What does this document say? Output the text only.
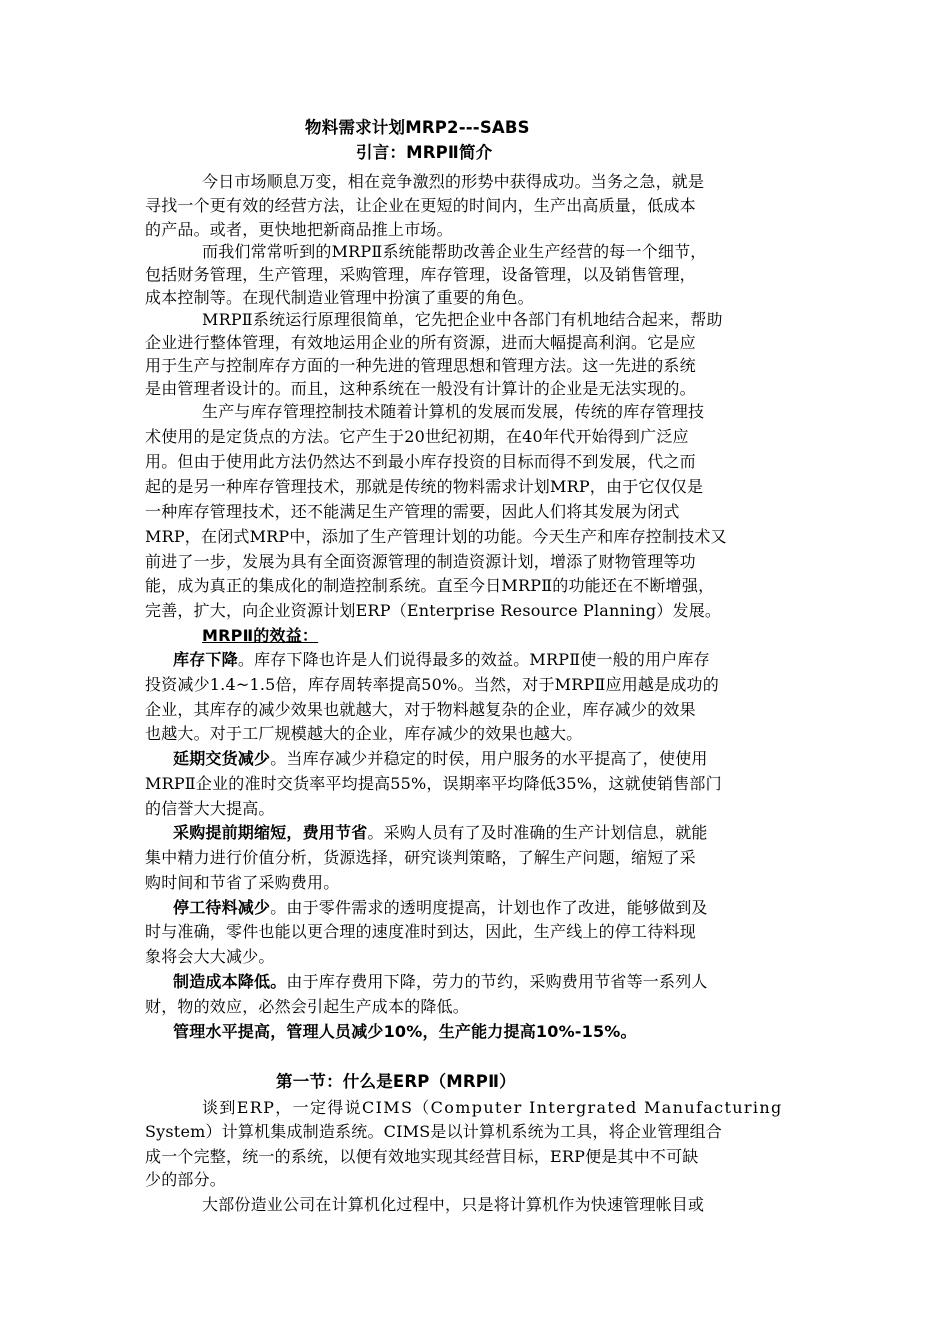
物料需求计划MRP2---SABS
引言：MRPⅡ简介
今日市场顺息万变，相在竞争激烈的形势中获得成功。当务之急，就是
寻找一个更有效的经营方法，让企业在更短的时间内，生产出高质量，低成本
的产品。或者，更快地把新商品推上市场。
而我们常常听到的MRPⅡ系统能帮助改善企业生产经营的每一个细节，
包括财务管理，生产管理，采购管理，库存管理，设备管理，以及销售管理，
成本控制等。在现代制造业管理中扮演了重要的角色。
MRPⅡ系统运行原理很简单，它先把企业中各部门有机地结合起来，帮助
企业进行整体管理，有效地运用企业的所有资源，进而大幅提高利润。它是应
用于生产与控制库存方面的一种先进的管理思想和管理方法。这一先进的系统
是由管理者设计的。而且，这种系统在一般没有计算计的企业是无法实现的。
生产与库存管理控制技术随着计算机的发展而发展，传统的库存管理技
术使用的是定货点的方法。它产生于20世纪初期，在40年代开始得到广泛应
用。但由于使用此方法仍然达不到最小库存投资的目标而得不到发展，代之而
起的是另一种库存管理技术，那就是传统的物料需求计划MRP，由于它仅仅是
一种库存管理技术，还不能满足生产管理的需要，因此人们将其发展为闭式
MRP，在闭式MRP中，添加了生产管理计划的功能。今天生产和库存控制技术又
前进了一步，发展为具有全面资源管理的制造资源计划，增添了财物管理等功
能，成为真正的集成化的制造控制系统。直至今日MRPⅡ的功能还在不断增强，
完善，扩大，向企业资源计划ERP（Enterprise Resource Planning）发展。
MRPⅡ的效益：
库存下降。库存下降也许是人们说得最多的效益。MRPⅡ使一般的用户库存
投资减少1.4~1.5倍，库存周转率提高50%。当然，对于MRPⅡ应用越是成功的
企业，其库存的减少效果也就越大，对于物料越复杂的企业，库存减少的效果
也越大。对于工厂规模越大的企业，库存减少的效果也越大。
延期交货减少。当库存减少并稳定的时侯，用户服务的水平提高了，使使用
MRPⅡ企业的准时交货率平均提高55%，误期率平均降低35%，这就使销售部门
的信誉大大提高。
采购提前期缩短，费用节省。采购人员有了及时准确的生产计划信息，就能
集中精力进行价值分析，货源选择，研究谈判策略，了解生产问题，缩短了采
购时间和节省了采购费用。
停工待料减少。由于零件需求的透明度提高，计划也作了改进，能够做到及
时与准确，零件也能以更合理的速度准时到达，因此，生产线上的停工待料现
象将会大大减少。
制造成本降低。由于库存费用下降，劳力的节约，采购费用节省等一系列人
财，物的效应，必然会引起生产成本的降低。
管理水平提高，管理人员减少10%，生产能力提高10%-15%。
第一节：什么是ERP（MRPⅡ）
谈到ERP，一定得说CIMS（Computer Intergrated Manufacturing
System）计算机集成制造系统。CIMS是以计算机系统为工具，将企业管理组合
成一个完整，统一的系统，以便有效地实现其经营目标，ERP便是其中不可缺
少的部分。
大部份造业公司在计算机化过程中，只是将计算机作为快速管理帐目或
